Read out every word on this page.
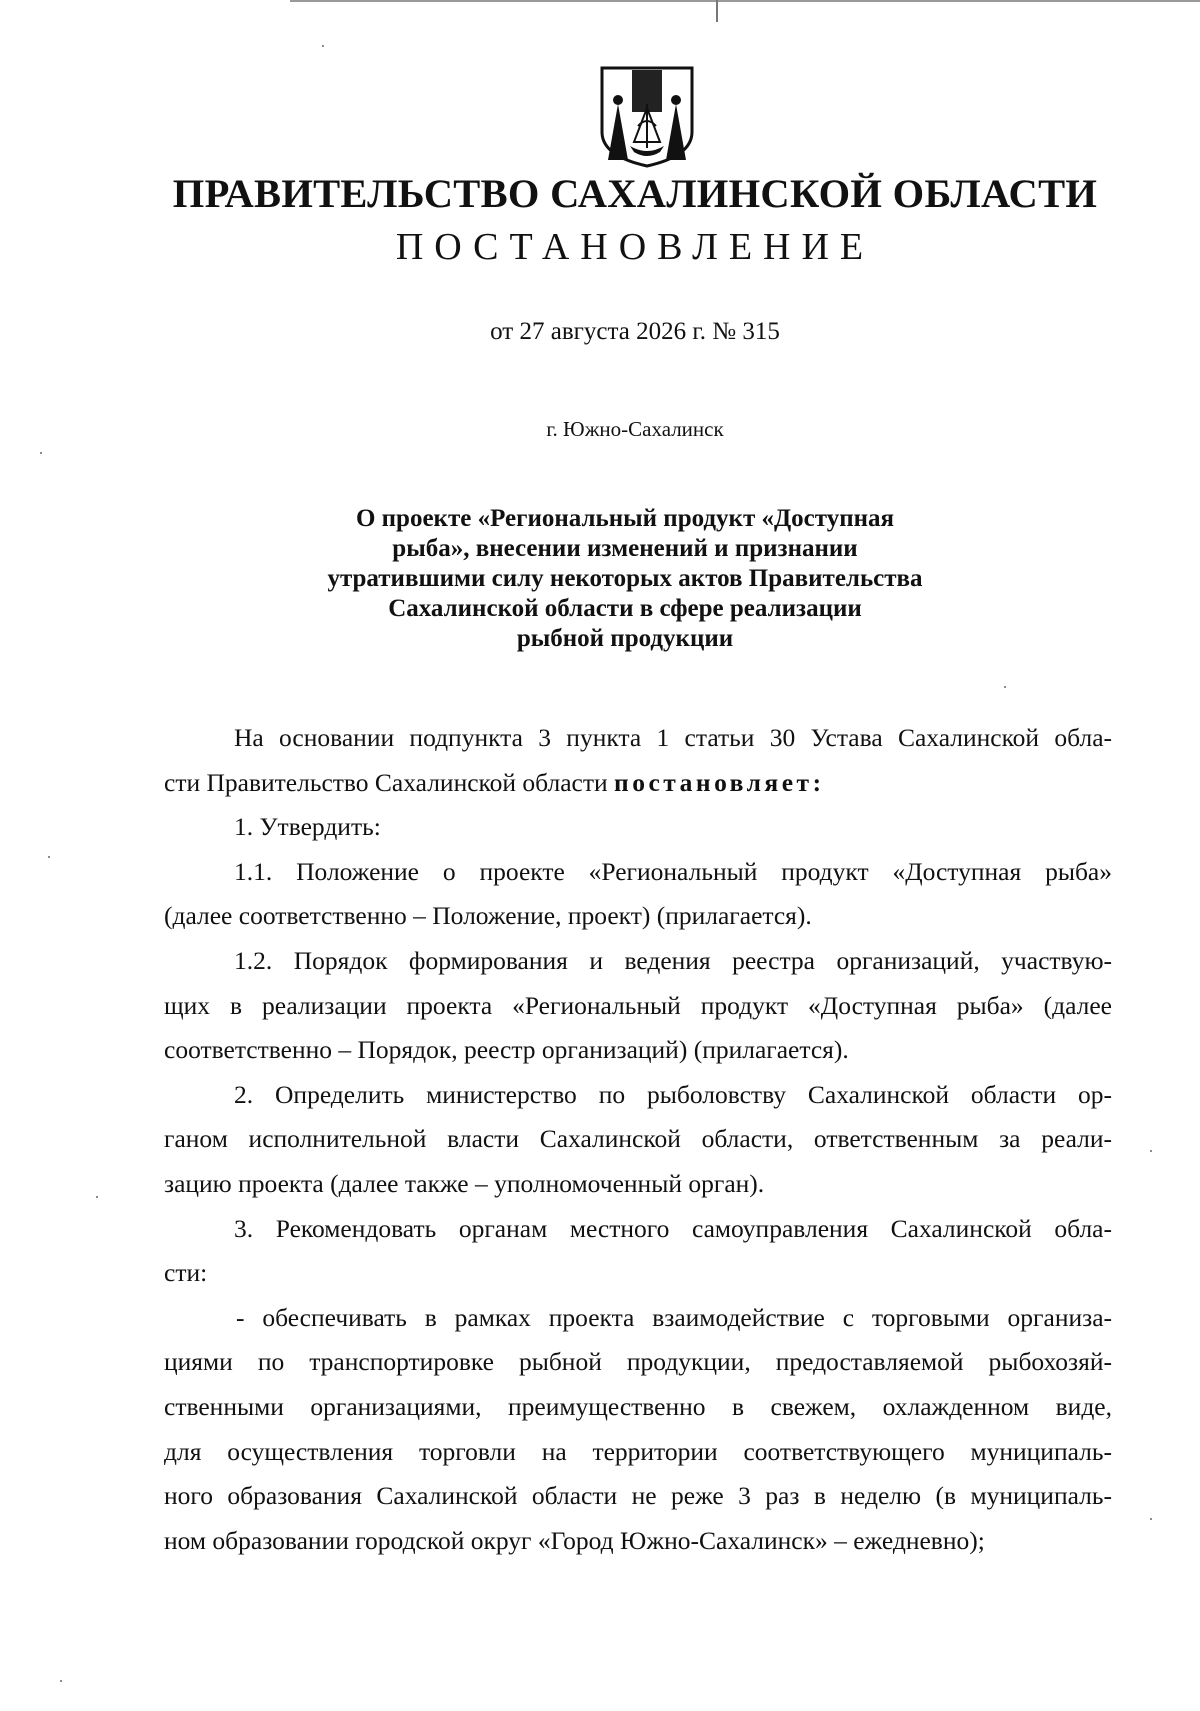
ПРАВИТЕЛЬСТВО САХАЛИНСКОЙ ОБЛАСТИ
ПОСТАНОВЛЕНИЕ
от 27 августа 2026 г. № 315
г. Южно-Сахалинск
О проекте «Региональный продукт «Доступная
рыба», внесении изменений и признании
утратившими силу некоторых актов Правительства
Сахалинской области в сфере реализации
рыбной продукции

На основании подпункта 3 пункта 1 статьи 30 Устава Сахалинской обла-
сти Правительство Сахалинской области постановляет:

1. Утвердить:

1.1. Положение о проекте «Региональный продукт «Доступная рыба»
(далее соответственно – Положение, проект) (прилагается).

1.2. Порядок формирования и ведения реестра организаций, участвую-
щих в реализации проекта «Региональный продукт «Доступная рыба» (далее
соответственно – Порядок, реестр организаций) (прилагается).

2. Определить министерство по рыболовству Сахалинской области ор-
ганом исполнительной власти Сахалинской области, ответственным за реали-
зацию проекта (далее также – уполномоченный орган).

3. Рекомендовать органам местного самоуправления Сахалинской обла-
сти:

- обеспечивать в рамках проекта взаимодействие с торговыми организа-
циями по транспортировке рыбной продукции, предоставляемой рыбохозяй-
ственными организациями, преимущественно в свежем, охлажденном виде,
для осуществления торговли на территории соответствующего муниципаль-
ного образования Сахалинской области не реже 3 раз в неделю (в муниципаль-
ном образовании городской округ «Город Южно-Сахалинск» – ежедневно);
